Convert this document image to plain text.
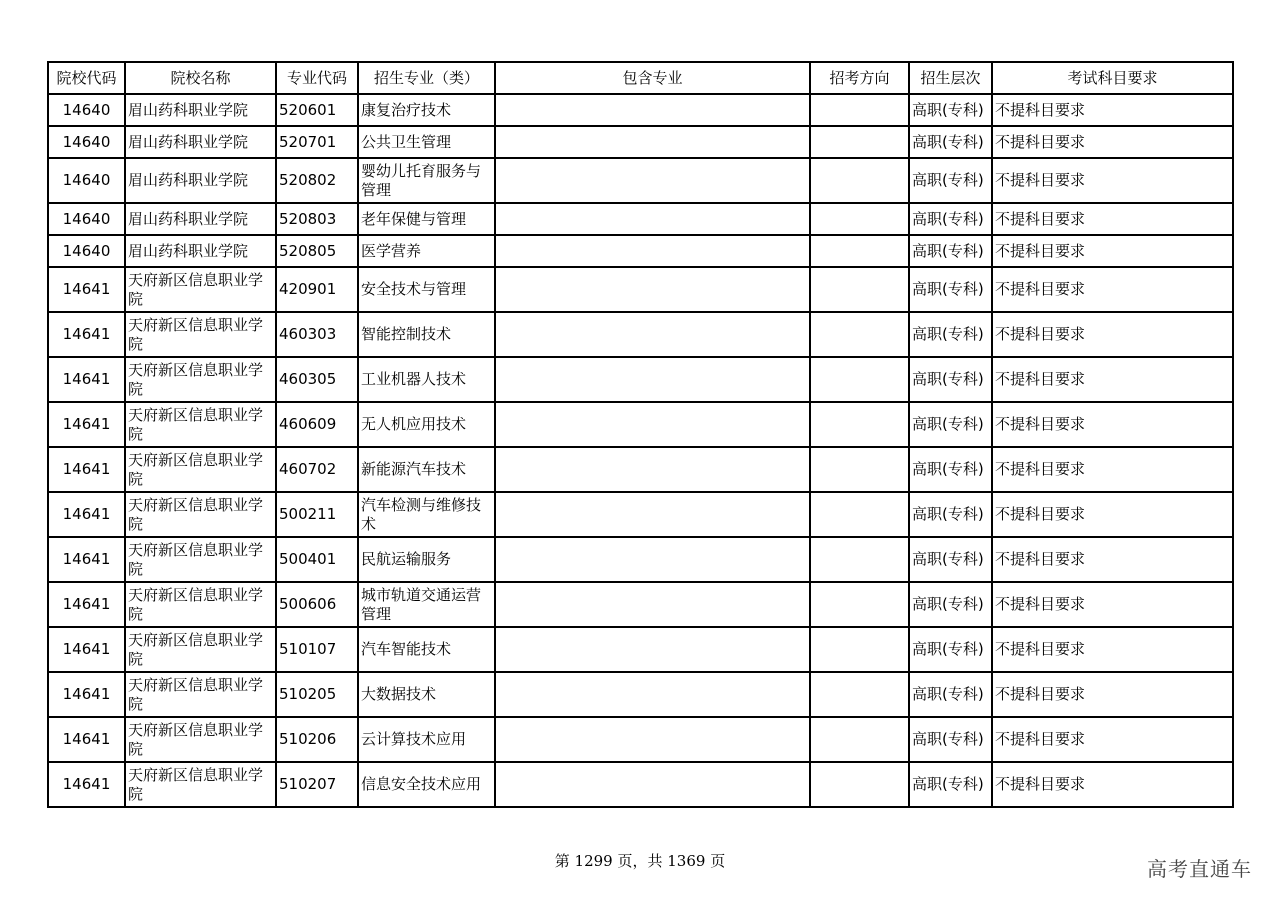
院校代码	院校名称	专业代码	招生专业（类）	包含专业	招考方向	招生层次	考试科目要求
14640	眉山药科职业学院	520601	康复治疗技术			高职(专科)	不提科目要求
14640	眉山药科职业学院	520701	公共卫生管理			高职(专科)	不提科目要求
14640	眉山药科职业学院	520802	婴幼儿托育服务与管理			高职(专科)	不提科目要求
14640	眉山药科职业学院	520803	老年保健与管理			高职(专科)	不提科目要求
14640	眉山药科职业学院	520805	医学营养			高职(专科)	不提科目要求
14641	天府新区信息职业学院	420901	安全技术与管理			高职(专科)	不提科目要求
14641	天府新区信息职业学院	460303	智能控制技术			高职(专科)	不提科目要求
14641	天府新区信息职业学院	460305	工业机器人技术			高职(专科)	不提科目要求
14641	天府新区信息职业学院	460609	无人机应用技术			高职(专科)	不提科目要求
14641	天府新区信息职业学院	460702	新能源汽车技术			高职(专科)	不提科目要求
14641	天府新区信息职业学院	500211	汽车检测与维修技术			高职(专科)	不提科目要求
14641	天府新区信息职业学院	500401	民航运输服务			高职(专科)	不提科目要求
14641	天府新区信息职业学院	500606	城市轨道交通运营管理			高职(专科)	不提科目要求
14641	天府新区信息职业学院	510107	汽车智能技术			高职(专科)	不提科目要求
14641	天府新区信息职业学院	510205	大数据技术			高职(专科)	不提科目要求
14641	天府新区信息职业学院	510206	云计算技术应用			高职(专科)	不提科目要求
14641	天府新区信息职业学院	510207	信息安全技术应用			高职(专科)	不提科目要求
第 1299 页，共 1369 页	高考直通车
